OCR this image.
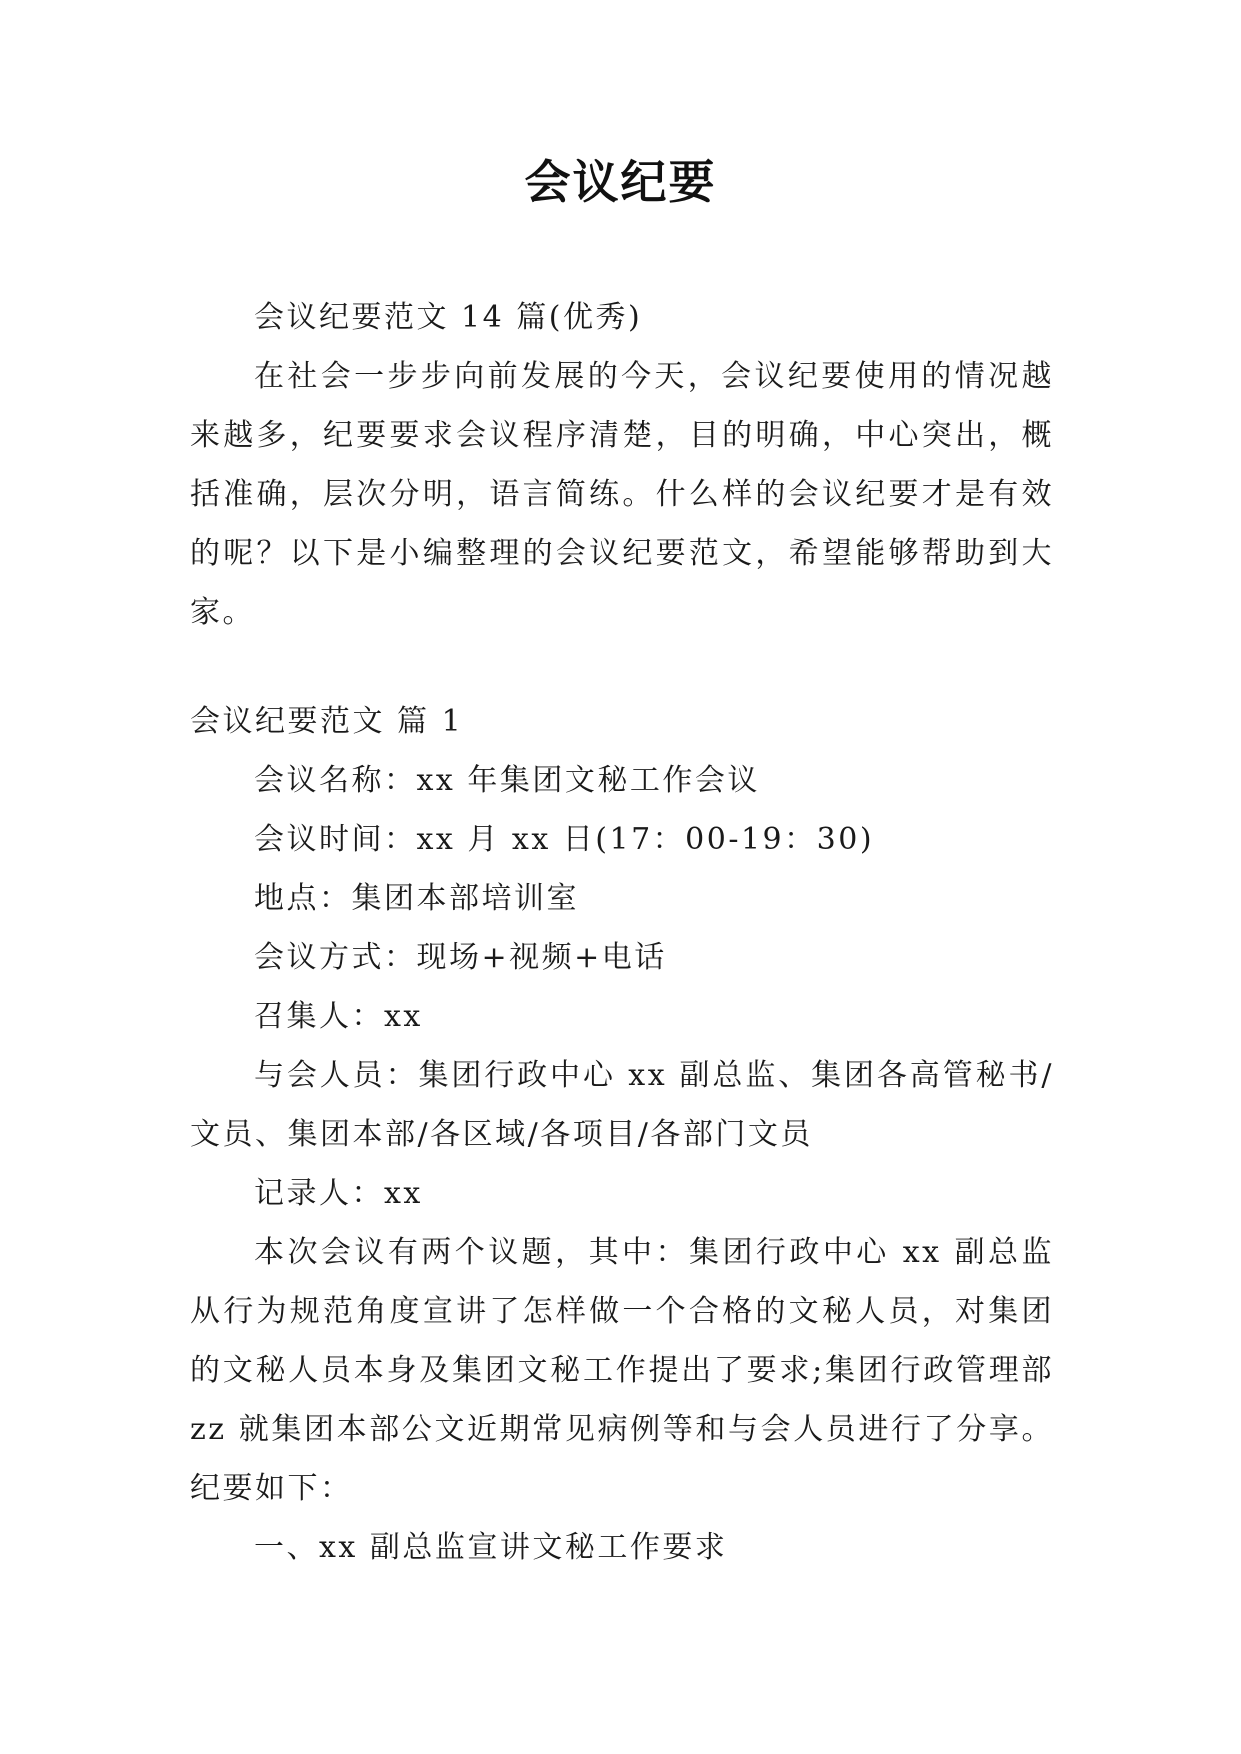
会议纪要

会议纪要范文 14 篇(优秀)

在社会一步步向前发展的今天，会议纪要使用的情况越来越多，纪要要求会议程序清楚，目的明确，中心突出，概括准确，层次分明，语言简练。什么样的会议纪要才是有效的呢？以下是小编整理的会议纪要范文，希望能够帮助到大家。

会议纪要范文 篇 1

会议名称：xx 年集团文秘工作会议

会议时间：xx 月 xx 日(17：00-19：30)

地点：集团本部培训室

会议方式：现场+视频+电话

召集人：xx

与会人员：集团行政中心 xx 副总监、集团各高管秘书/文员、集团本部/各区域/各项目/各部门文员

记录人：xx

本次会议有两个议题，其中：集团行政中心 xx 副总监从行为规范角度宣讲了怎样做一个合格的文秘人员，对集团的文秘人员本身及集团文秘工作提出了要求;集团行政管理部 zz 就集团本部公文近期常见病例等和与会人员进行了分享。纪要如下：

一、xx 副总监宣讲文秘工作要求
